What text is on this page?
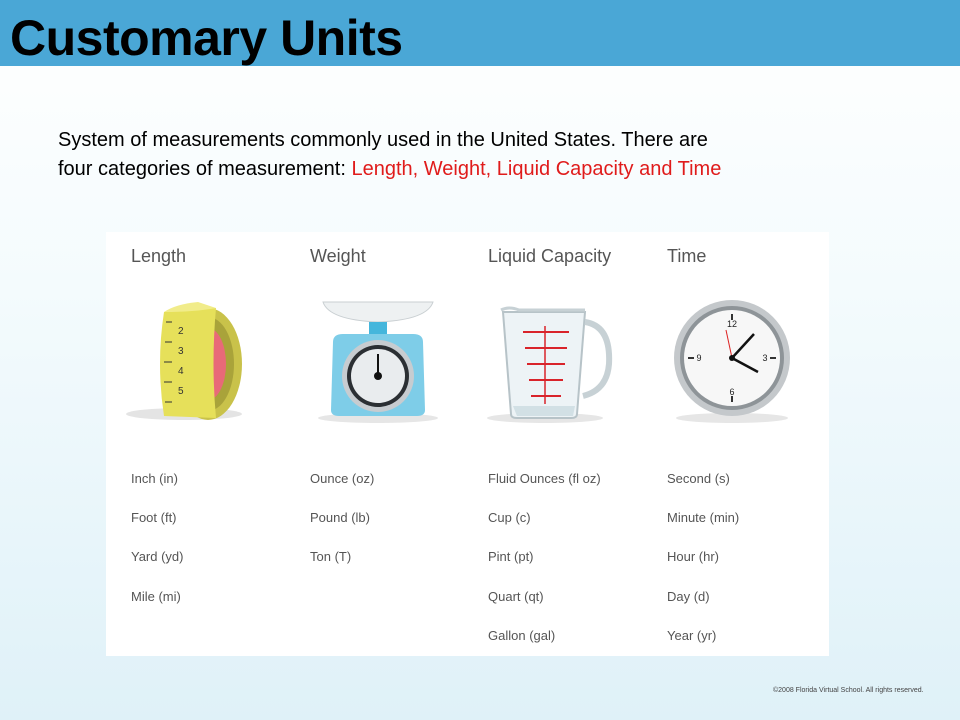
Customary Units

System of measurements commonly used in the United States. There are
four categories of measurement: Length, Weight, Liquid Capacity and Time

Length
2
3
4
5
Inch (in)
Foot (ft)
Yard (yd)
Mile (mi)
Weight
Ounce (oz)
Pound (lb)
Ton (T)
Liquid Capacity
Fluid Ounces (fl oz)
Cup (c)
Pint (pt)
Quart (qt)
Gallon (gal)
Time
12
3
6
9
Second (s)
Minute (min)
Hour (hr)
Day (d)
Year (yr)
©2008 Florida Virtual School. All rights reserved.
